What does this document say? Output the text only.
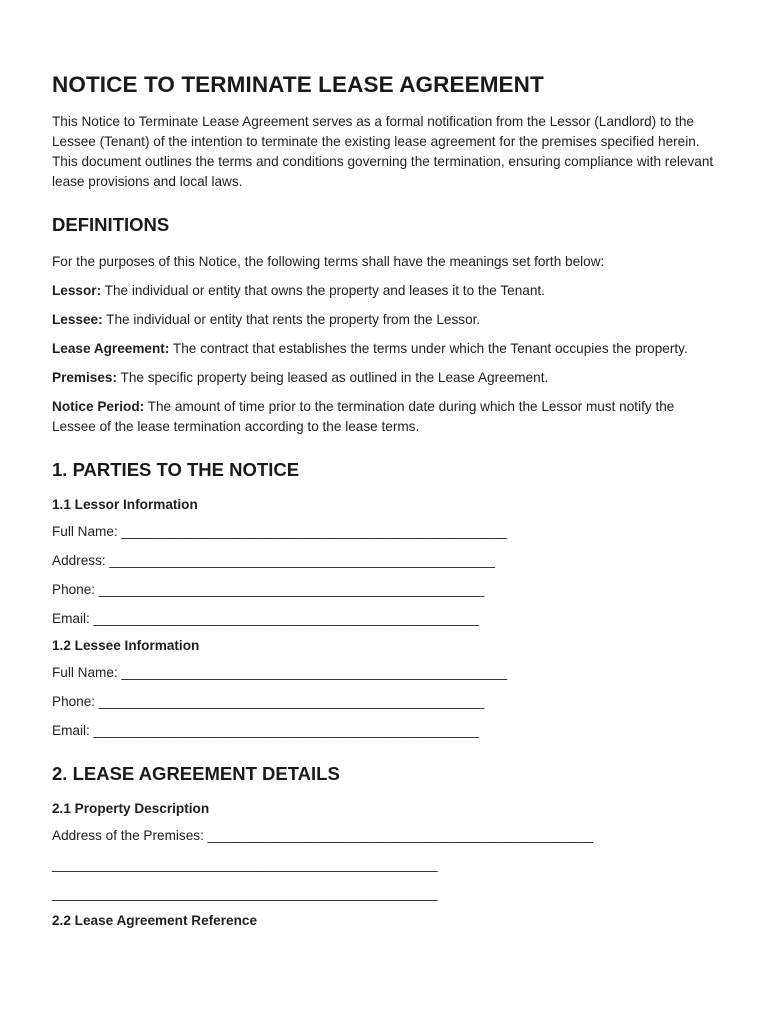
NOTICE TO TERMINATE LEASE AGREEMENT

This Notice to Terminate Lease Agreement serves as a formal notification from the Lessor (Landlord) to the Lessee (Tenant) of the intention to terminate the existing lease agreement for the premises specified herein. This document outlines the terms and conditions governing the termination, ensuring compliance with relevant lease provisions and local laws.

DEFINITIONS

For the purposes of this Notice, the following terms shall have the meanings set forth below:

Lessor: The individual or entity that owns the property and leases it to the Tenant.

Lessee: The individual or entity that rents the property from the Lessor.

Lease Agreement: The contract that establishes the terms under which the Tenant occupies the property.

Premises: The specific property being leased as outlined in the Lease Agreement.

Notice Period: The amount of time prior to the termination date during which the Lessor must notify the Lessee of the lease termination according to the lease terms.

1. PARTIES TO THE NOTICE
1.1 Lessor Information

Full Name: ___________________________________________________

Address: ___________________________________________________

Phone: ___________________________________________________

Email: ___________________________________________________

1.2 Lessee Information

Full Name: ___________________________________________________

Phone: ___________________________________________________

Email: ___________________________________________________

2. LEASE AGREEMENT DETAILS
2.1 Property Description

Address of the Premises: ___________________________________________________

___________________________________________________

___________________________________________________

2.2 Lease Agreement Reference
